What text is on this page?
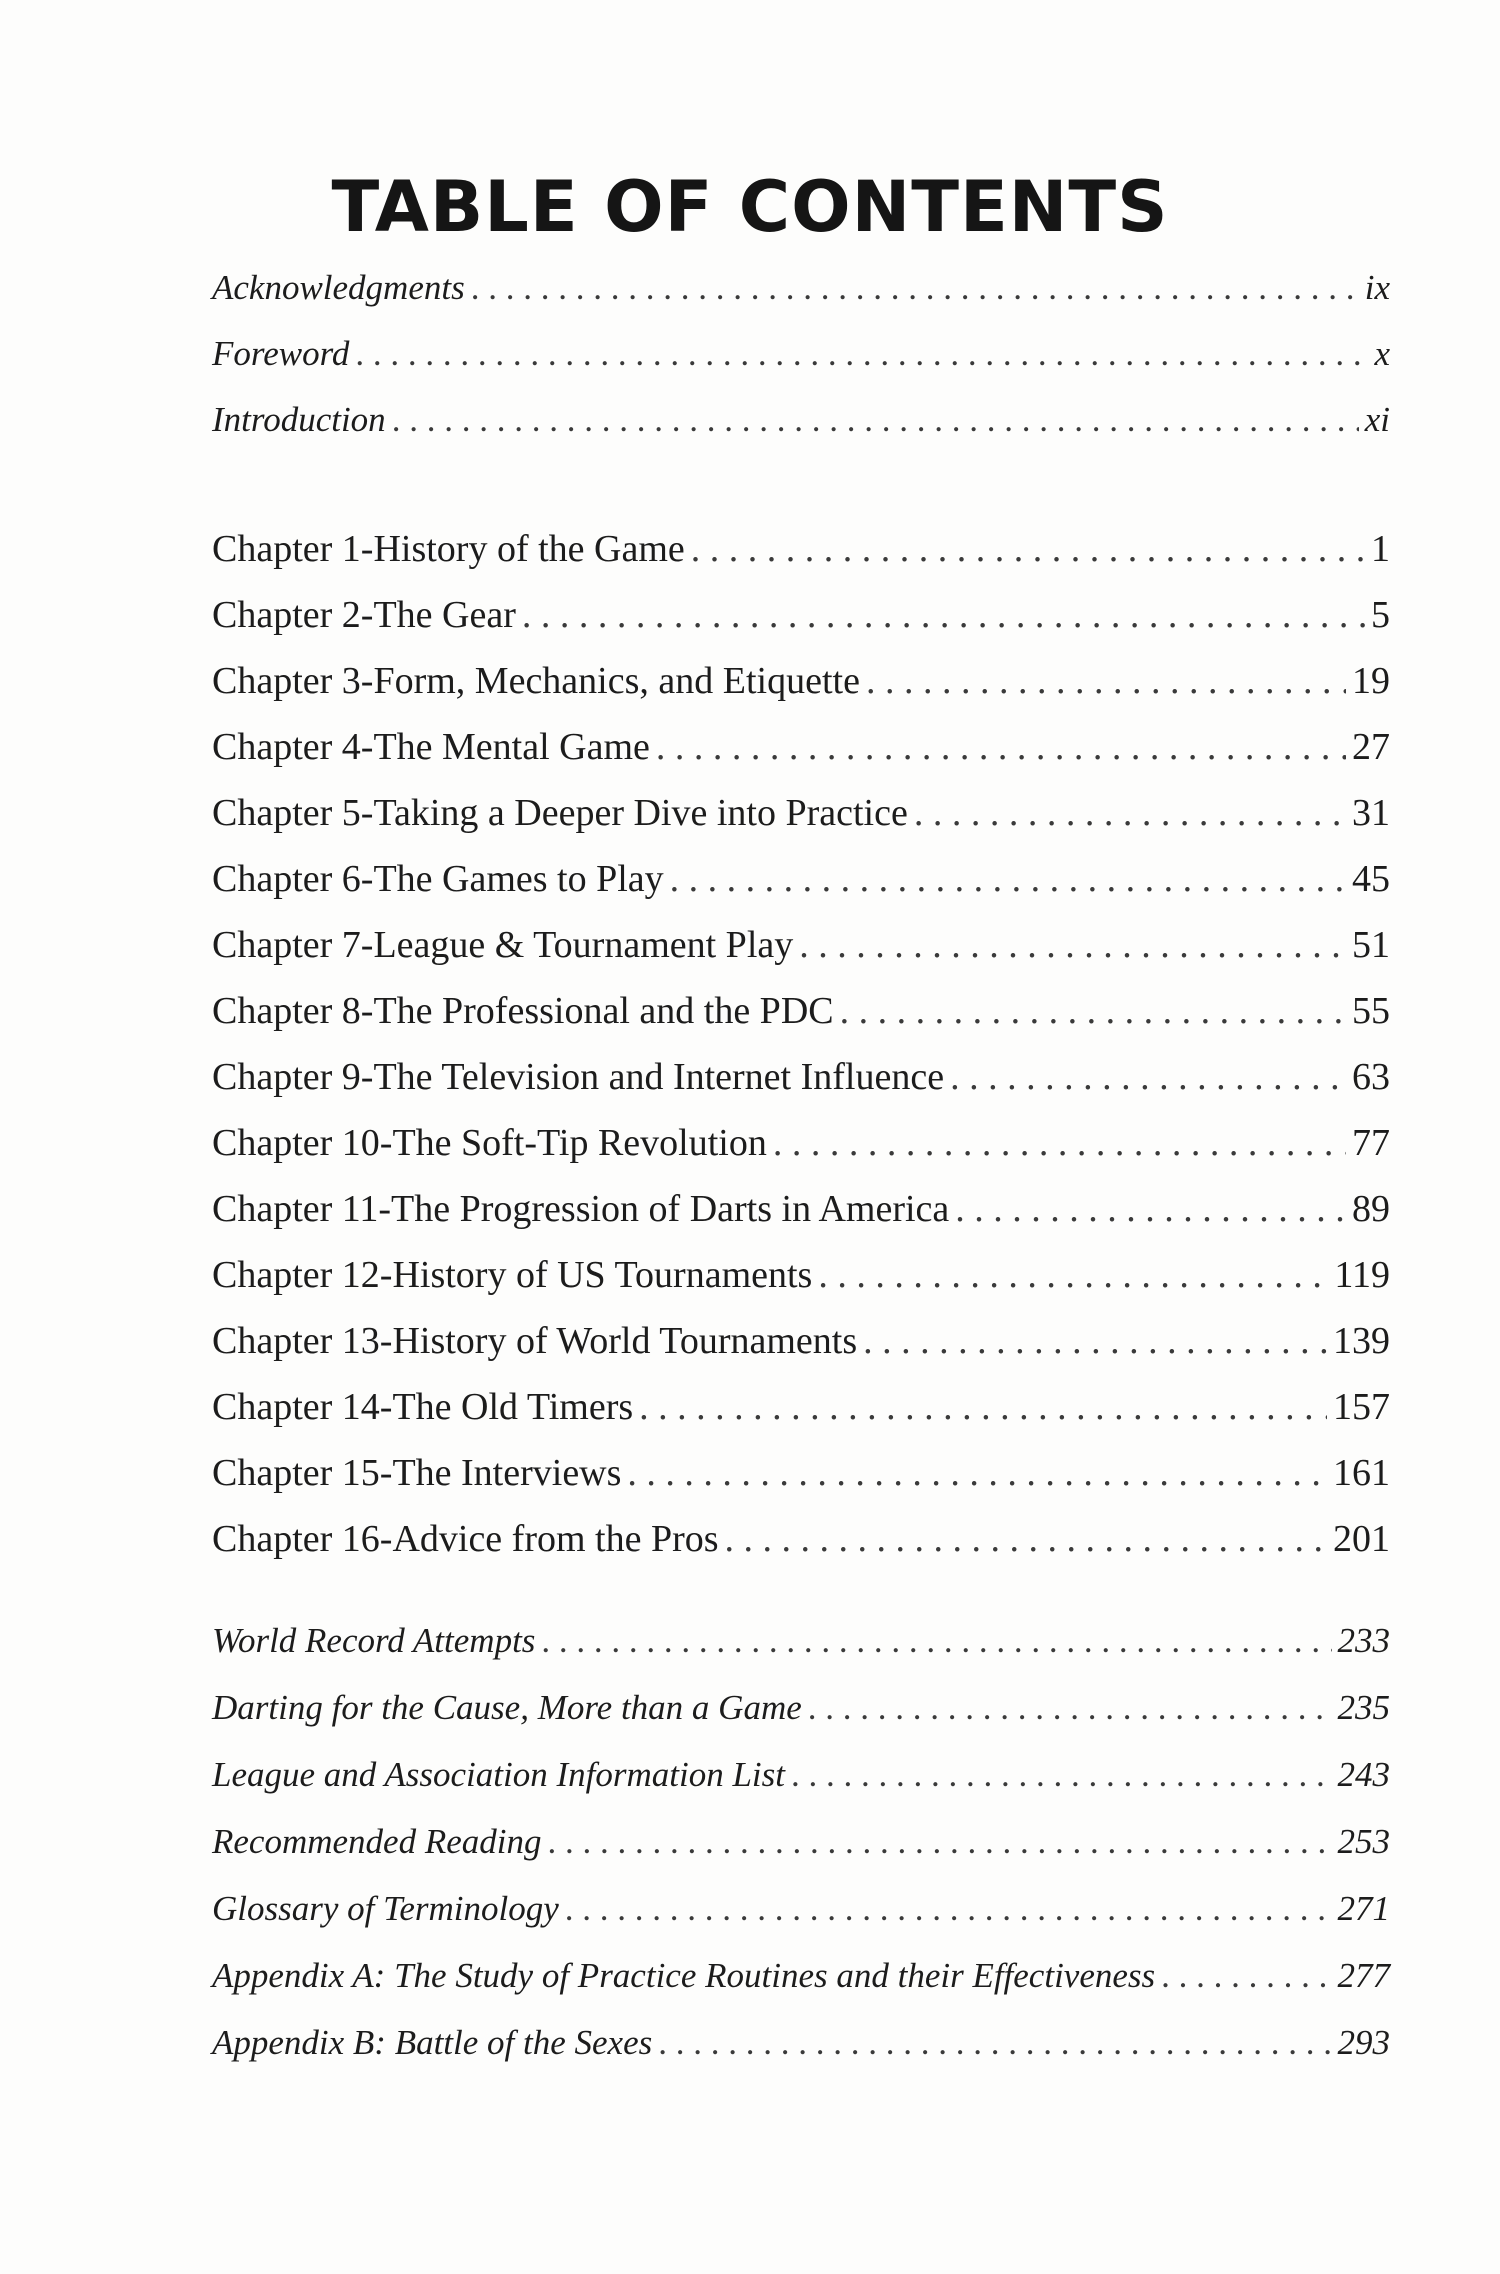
TABLE OF CONTENTS
Acknowledgments . . .	ix
Foreword . . .	x
Introduction . . .	xi
Chapter 1-History of the Game . . .	1
Chapter 2-The Gear . . .	5
Chapter 3-Form, Mechanics, and Etiquette . . .	19
Chapter 4-The Mental Game . . .	27
Chapter 5-Taking a Deeper Dive into Practice . . .	31
Chapter 6-The Games to Play . . .	45
Chapter 7-League & Tournament Play . . .	51
Chapter 8-The Professional and the PDC . . .	55
Chapter 9-The Television and Internet Influence . . .	63
Chapter 10-The Soft-Tip Revolution . . .	77
Chapter 11-The Progression of Darts in America . . .	89
Chapter 12-History of US Tournaments . . .	119
Chapter 13-History of World Tournaments . . .	139
Chapter 14-The Old Timers . . .	157
Chapter 15-The Interviews . . .	161
Chapter 16-Advice from the Pros . . .	201
World Record Attempts . . .	233
Darting for the Cause, More than a Game . . .	235
League and Association Information List . . .	243
Recommended Reading . . .	253
Glossary of Terminology . . .	271
Appendix A: The Study of Practice Routines and their Effectiveness . . .	277
Appendix B: Battle of the Sexes . . .	293
